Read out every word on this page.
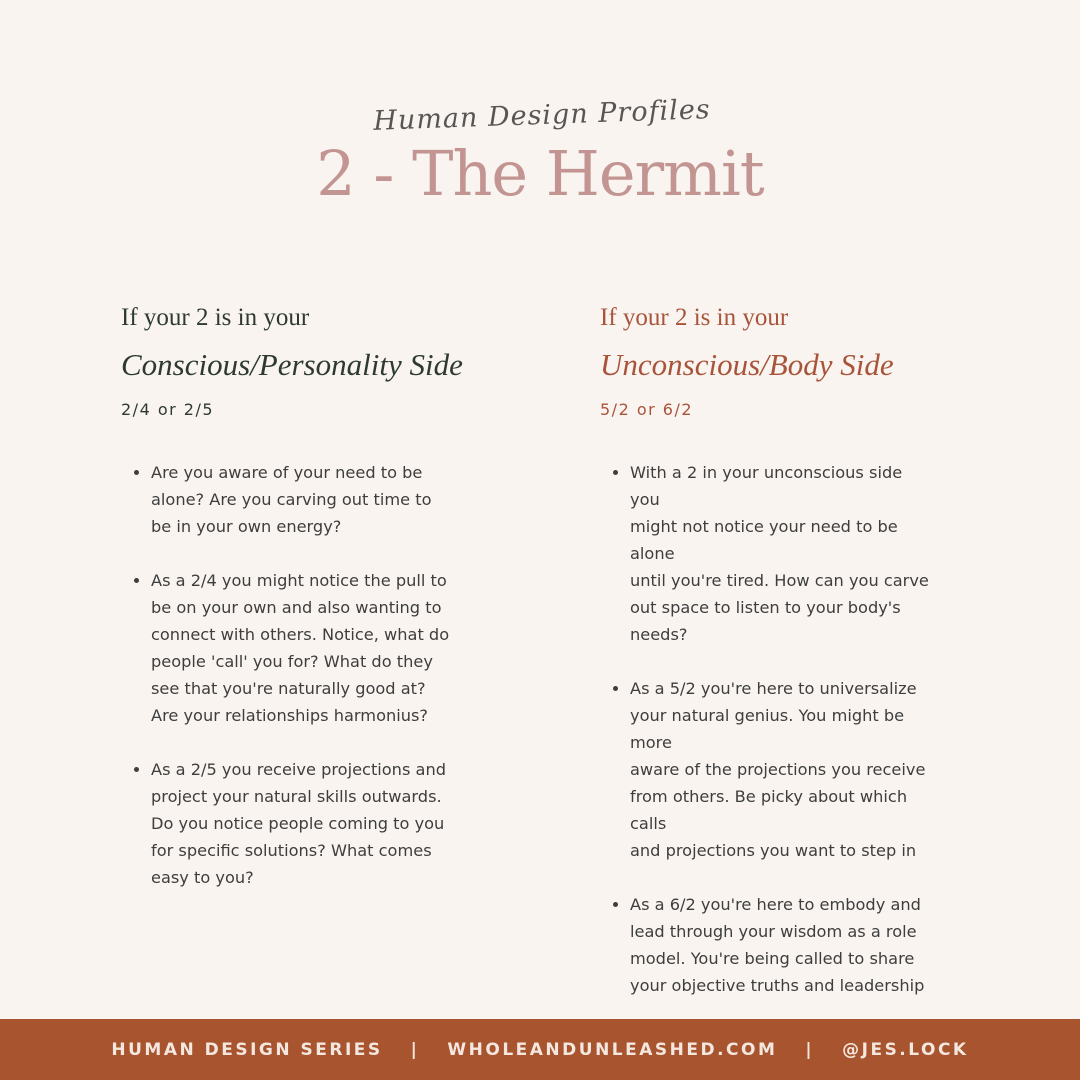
Human Design Profiles

2 - The Hermit

If your 2 is in your

Conscious/Personality Side

2/4 or 2/5

Are you aware of your need to be
alone? Are you carving out time to
be in your own energy?
As a 2/4 you might notice the pull to
be on your own and also wanting to
connect with others. Notice, what do
people 'call' you for? What do they
see that you're naturally good at?
Are your relationships harmonius?
As a 2/5 you receive projections and
project your natural skills outwards.
Do you notice people coming to you
for specific solutions? What comes
easy to you?

If your 2 is in your

Unconscious/Body Side

5/2 or 6/2

With a 2 in your unconscious side you
might not notice your need to be alone
until you're tired. How can you carve
out space to listen to your body's
needs?
As a 5/2 you're here to universalize
your natural genius. You might be more
aware of the projections you receive
from others. Be picky about which calls
and projections you want to step in
As a 6/2 you're here to embody and
lead through your wisdom as a role
model. You're being called to share
your objective truths and leadership
HUMAN DESIGN SERIES | WHOLEANDUNLEASHED.COM | @JES.LOCK
